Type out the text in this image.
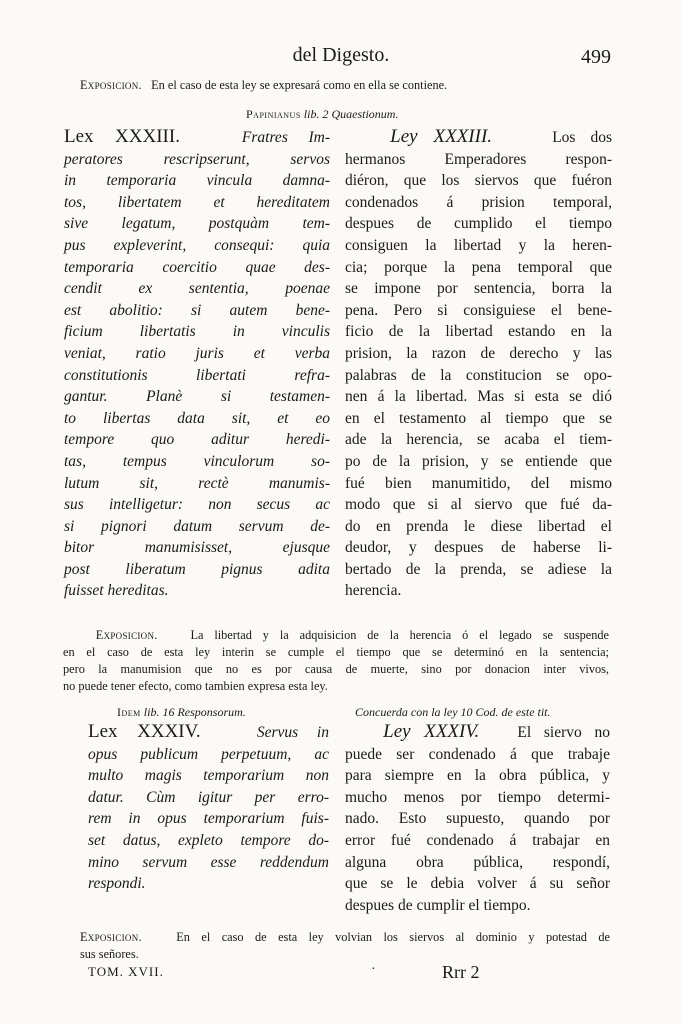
del Digesto.	499
Exposicion. En el caso de esta ley se expresará como en ella se contiene.
Papinianus lib. 2 Quaestionum.
Lex XXXIII.	Fratres Im-
peratores rescripserunt, servos
in temporaria vincula damna-
tos, libertatem et hereditatem
sive legatum, postquàm tem-
pus expleverint, consequi: quia
temporaria coercitio quae des-
cendit ex sententia, poenae
est abolitio: si autem bene-
ficium libertatis in vinculis
veniat, ratio juris et verba
constitutionis libertati refra-
gantur. Planè si testamen-
to libertas data sit, et eo
tempore quo aditur heredi-
tas, tempus vinculorum so-
lutum sit, rectè manumis-
sus intelligetur: non secus ac
si pignori datum servum de-
bitor manumisisset, ejusque
post liberatum pignus adita
fuisset hereditas.
Ley XXXIII.	Los dos
hermanos Emperadores respon-
diéron, que los siervos que fuéron
condenados á prision temporal,
despues de cumplido el tiempo
consiguen la libertad y la heren-
cia; porque la pena temporal que
se impone por sentencia, borra la
pena. Pero si consiguiese el bene-
ficio de la libertad estando en la
prision, la razon de derecho y las
palabras de la constitucion se opo-
nen á la libertad. Mas si esta se dió
en el testamento al tiempo que se
ade la herencia, se acaba el tiem-
po de la prision, y se entiende que
fué bien manumitido, del mismo
modo que si al siervo que fué da-
do en prenda le diese libertad el
deudor, y despues de haberse li-
bertado de la prenda, se adiese la
herencia.
Exposicion.	La libertad y la adquisicion de la herencia ó el legado se suspende
en el caso de esta ley interin se cumple el tiempo que se determinó en la sentencia;
pero la manumision que no es por causa de muerte, sino por donacion inter vivos,
no puede tener efecto, como tambien expresa esta ley.
Idem lib. 16 Responsorum.	Concuerda con la ley 10 Cod. de este tit.
Lex XXXIV.	Servus in
opus publicum perpetuum, ac
multo magis temporarium non
datur. Cùm igitur per erro-
rem in opus temporarium fuis-
set datus, expleto tempore do-
mino servum esse reddendum
respondi.
Ley XXXIV. El siervo no
puede ser condenado á que trabaje
para siempre en la obra pública, y
mucho menos por tiempo determi-
nado. Esto supuesto, quando por
error fué condenado á trabajar en
alguna obra pública, respondí,
que se le debia volver á su señor
despues de cumplir el tiempo.
Exposicion.	En el caso de esta ley volvian los siervos al dominio y potestad de
sus señores.
TOM. XVII.	·	Rrr 2
